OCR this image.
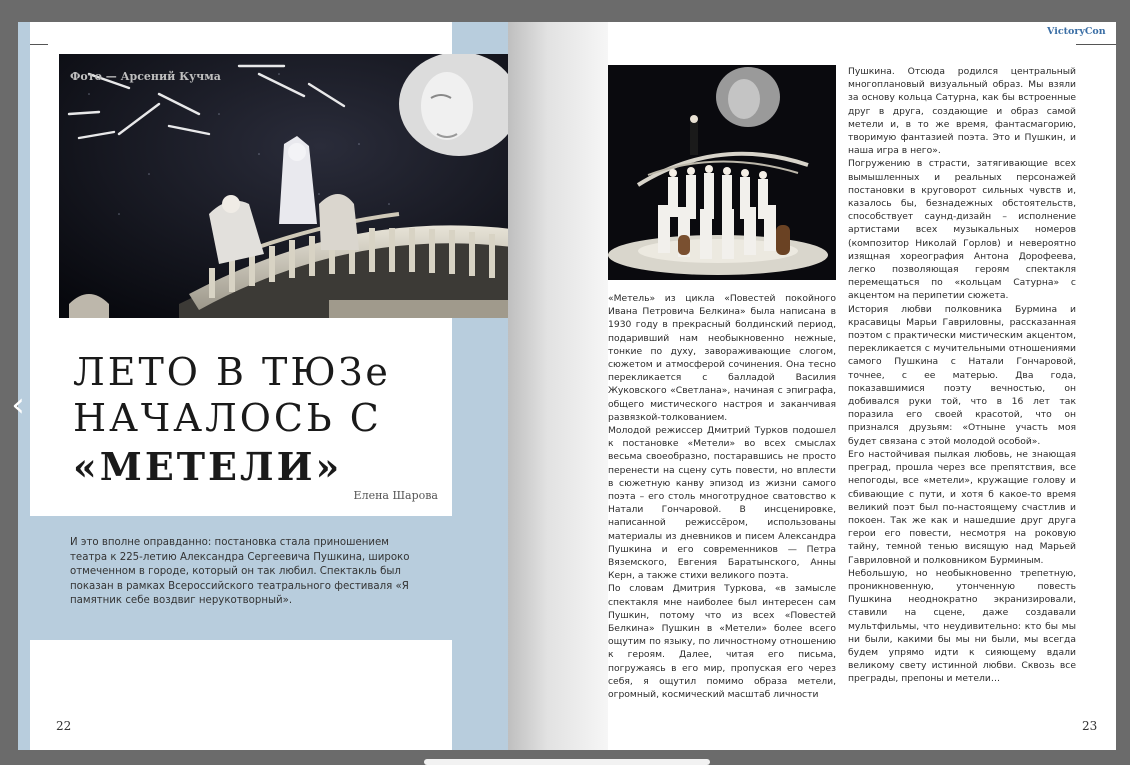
Фото — Арсений Кучма
ЛЕТО В ТЮЗе
НАЧАЛОСЬ С
«МЕТЕЛИ»
Елена Шарова

И это вполне оправданно: постановка стала приношением театра к 225-летию Александра Сергеевича Пушкина, широко отмеченном в городе, который он так любил. Спектакль был показан в рамках Всероссийского театрального фестиваля «Я памятник себе воздвиг нерукотворный».

22
VictoryCon

«Метель» из цикла «Повестей покойного Ивана Петровича Белкина» была написана в 1930 году в прекрасный болдинский период, подаривший нам необыкновенно нежные, тонкие по духу, завораживающие слогом, сюжетом и атмосферой сочинения. Она тесно перекликается с балладой Василия Жуковского «Светлана», начиная с эпиграфа, общего мистического настроя и заканчивая развязкой-толкованием.

Молодой режиссер Дмитрий Турков подошел к постановке «Метели» во всех смыслах весьма своеобразно, постаравшись не просто перенести на сцену суть повести, но вплести в сюжетную канву эпизод из жизни самого поэта – его столь многотрудное сватовство к Натали Гончаровой. В инсценировке, написанной режиссёром, использованы материалы из дневников и писем Александра Пушкина и его современников — Петра Вяземского, Евгения Баратынского, Анны Керн, а также стихи великого поэта.

По словам Дмитрия Туркова, «в замысле спектакля мне наиболее был интересен сам Пушкин, потому что из всех «Повестей Белкина» Пушкин в «Метели» более всего ощутим по языку, по личностному отношению к героям. Далее, читая его письма, погружаясь в его мир, пропуская его через себя, я ощутил помимо образа метели, огромный, космический масштаб личности

Пушкина. Отсюда родился центральный многоплановый визуальный образ. Мы взяли за основу кольца Сатурна, как бы встроенные друг в друга, создающие и образ самой метели и, в то же время, фантасмагорию, творимую фантазией поэта. Это и Пушкин, и наша игра в него».

Погружению в страсти, затягивающие всех вымышленных и реальных персонажей постановки в круговорот сильных чувств и, казалось бы, безнадежных обстоятельств, способствует саунд-дизайн – исполнение артистами всех музыкальных номеров (композитор Николай Горлов) и невероятно изящная хореография Антона Дорофеева, легко позволяющая героям спектакля перемещаться по «кольцам Сатурна» с акцентом на перипетии сюжета.

История любви полковника Бурмина и красавицы Марьи Гавриловны, рассказанная поэтом с практически мистическим акцентом, перекликается с мучительными отношениями самого Пушкина с Натали Гончаровой, точнее, с ее матерью. Два года, показавшимися поэту вечностью, он добивался руки той, что в 16 лет так поразила его своей красотой, что он признался друзьям: «Отныне участь моя будет связана с этой молодой особой».

Его настойчивая пылкая любовь, не знающая преград, прошла через все препятствия, все непогоды, все «метели», кружащие голову и сбивающие с пути, и хотя б какое-то время великий поэт был по-настоящему счастлив и покоен. Так же как и нашедшие друг друга герои его повести, несмотря на роковую тайну, темной тенью висящую над Марьей Гавриловной и полковником Бурминым.

Небольшую, но необыкновенно трепетную, проникновенную, утонченную повесть Пушкина неоднократно экранизировали, ставили на сцене, даже создавали мультфильмы, что неудивительно: кто бы мы ни были, какими бы мы ни были, мы всегда будем упрямо идти к сияющему вдали великому свету истинной любви. Сквозь все преграды, препоны и метели…

23
‹	›
